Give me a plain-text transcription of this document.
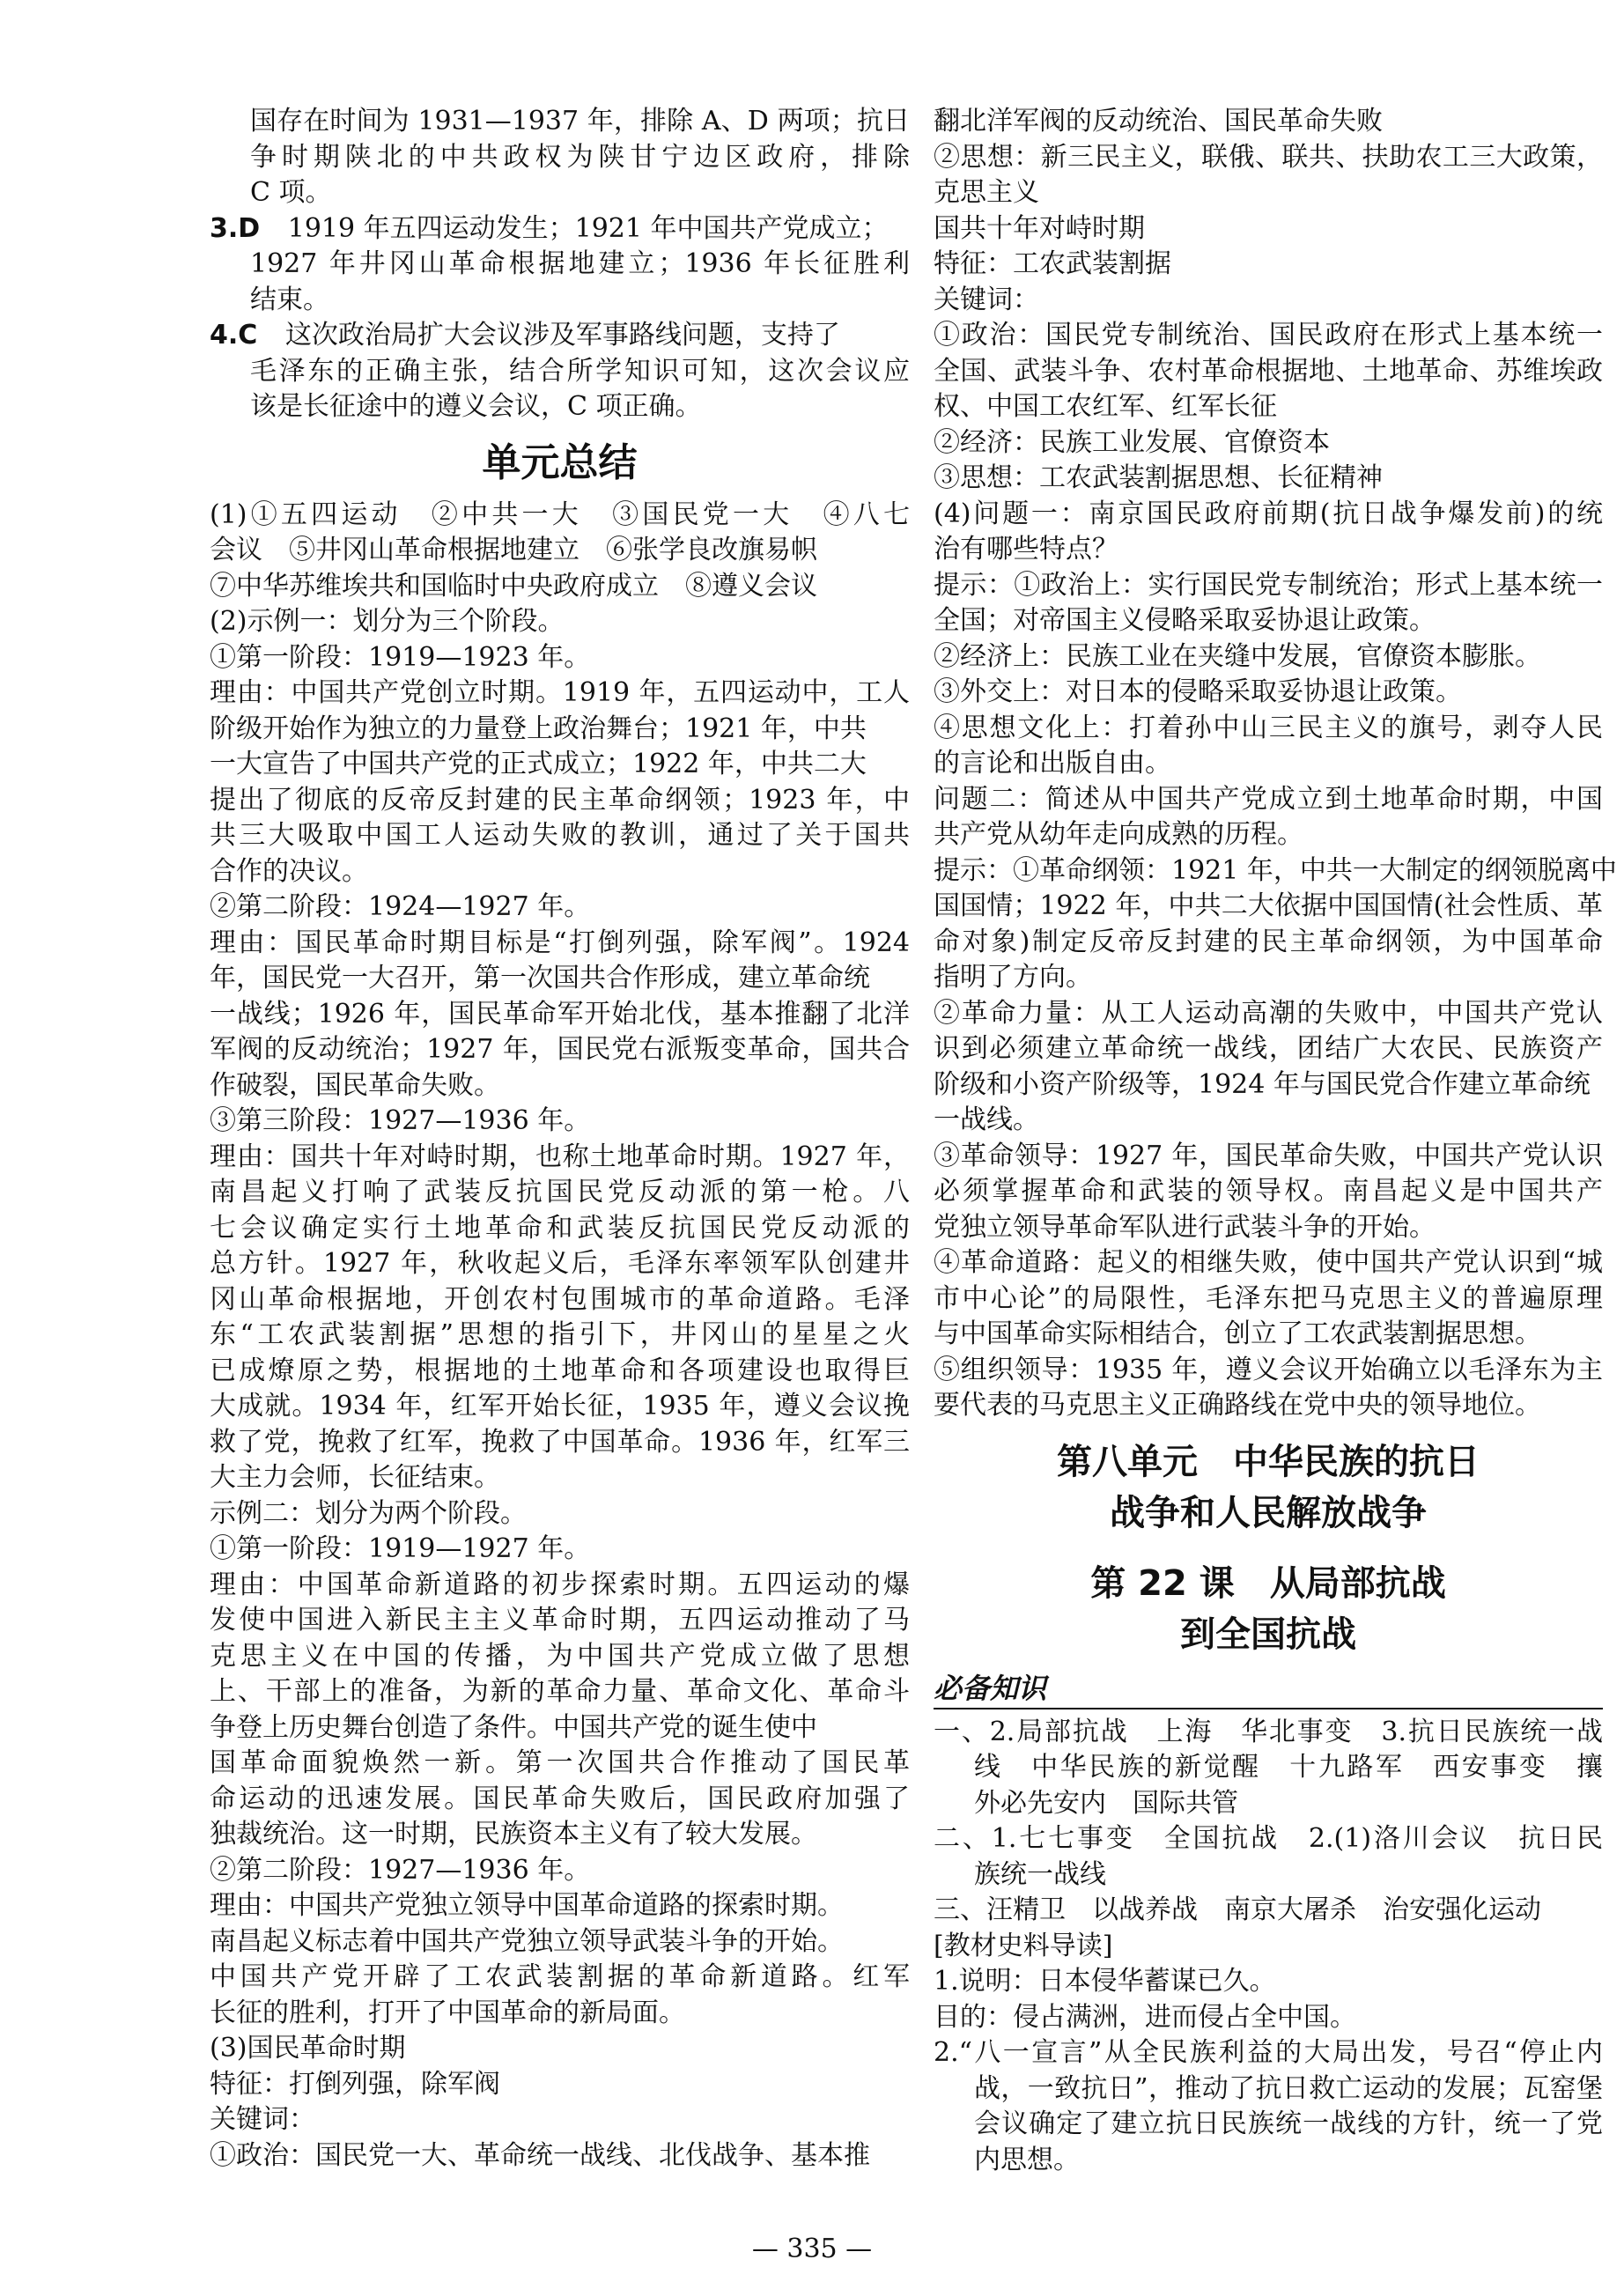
国存在时间为 1931—1937 年，排除 A、D 两项；抗日
争时期陕北的中共政权为陕甘宁边区政府，排除
C 项。
3.D 1919 年五四运动发生；1921 年中国共产党成立；
1927 年井冈山革命根据地建立；1936 年长征胜利
结束。
4.C 这次政治局扩大会议涉及军事路线问题，支持了
毛泽东的正确主张，结合所学知识可知，这次会议应
该是长征途中的遵义会议，C 项正确。
单元总结
(1)①五四运动　②中共一大　③国民党一大　④八七
会议　⑤井冈山革命根据地建立　⑥张学良改旗易帜
⑦中华苏维埃共和国临时中央政府成立　⑧遵义会议
(2)示例一：划分为三个阶段。
①第一阶段：1919—1923 年。
理由：中国共产党创立时期。1919 年，五四运动中，工人
阶级开始作为独立的力量登上政治舞台；1921 年，中共
一大宣告了中国共产党的正式成立；1922 年，中共二大
提出了彻底的反帝反封建的民主革命纲领；1923 年，中
共三大吸取中国工人运动失败的教训，通过了关于国共
合作的决议。
②第二阶段：1924—1927 年。
理由：国民革命时期目标是“打倒列强，除军阀”。1924
年，国民党一大召开，第一次国共合作形成，建立革命统
一战线；1926 年，国民革命军开始北伐，基本推翻了北洋
军阀的反动统治；1927 年，国民党右派叛变革命，国共合
作破裂，国民革命失败。
③第三阶段：1927—1936 年。
理由：国共十年对峙时期，也称土地革命时期。1927 年，
南昌起义打响了武装反抗国民党反动派的第一枪。八
七会议确定实行土地革命和武装反抗国民党反动派的
总方针。1927 年，秋收起义后，毛泽东率领军队创建井
冈山革命根据地，开创农村包围城市的革命道路。毛泽
东“工农武装割据”思想的指引下，井冈山的星星之火
已成燎原之势，根据地的土地革命和各项建设也取得巨
大成就。1934 年，红军开始长征，1935 年，遵义会议挽
救了党，挽救了红军，挽救了中国革命。1936 年，红军三
大主力会师，长征结束。
示例二：划分为两个阶段。
①第一阶段：1919—1927 年。
理由：中国革命新道路的初步探索时期。五四运动的爆
发使中国进入新民主主义革命时期，五四运动推动了马
克思主义在中国的传播，为中国共产党成立做了思想
上、干部上的准备，为新的革命力量、革命文化、革命斗
争登上历史舞台创造了条件。中国共产党的诞生使中
国革命面貌焕然一新。第一次国共合作推动了国民革
命运动的迅速发展。国民革命失败后，国民政府加强了
独裁统治。这一时期，民族资本主义有了较大发展。
②第二阶段：1927—1936 年。
理由：中国共产党独立领导中国革命道路的探索时期。
南昌起义标志着中国共产党独立领导武装斗争的开始。
中国共产党开辟了工农武装割据的革命新道路。红军
长征的胜利，打开了中国革命的新局面。
(3)国民革命时期
特征：打倒列强，除军阀
关键词：
①政治：国民党一大、革命统一战线、北伐战争、基本推
翻北洋军阀的反动统治、国民革命失败
②思想：新三民主义，联俄、联共、扶助农工三大政策，
克思主义
国共十年对峙时期
特征：工农武装割据
关键词：
①政治：国民党专制统治、国民政府在形式上基本统一
全国、武装斗争、农村革命根据地、土地革命、苏维埃政
权、中国工农红军、红军长征
②经济：民族工业发展、官僚资本
③思想：工农武装割据思想、长征精神
(4)问题一：南京国民政府前期(抗日战争爆发前)的统
治有哪些特点？
提示：①政治上：实行国民党专制统治；形式上基本统一
全国；对帝国主义侵略采取妥协退让政策。
②经济上：民族工业在夹缝中发展，官僚资本膨胀。
③外交上：对日本的侵略采取妥协退让政策。
④思想文化上：打着孙中山三民主义的旗号，剥夺人民
的言论和出版自由。
问题二：简述从中国共产党成立到土地革命时期，中国
共产党从幼年走向成熟的历程。
提示：①革命纲领：1921 年，中共一大制定的纲领脱离中
国国情；1922 年，中共二大依据中国国情(社会性质、革
命对象)制定反帝反封建的民主革命纲领，为中国革命
指明了方向。
②革命力量：从工人运动高潮的失败中，中国共产党认
识到必须建立革命统一战线，团结广大农民、民族资产
阶级和小资产阶级等，1924 年与国民党合作建立革命统
一战线。
③革命领导：1927 年，国民革命失败，中国共产党认识
必须掌握革命和武装的领导权。南昌起义是中国共产
党独立领导革命军队进行武装斗争的开始。
④革命道路：起义的相继失败，使中国共产党认识到“城
市中心论”的局限性，毛泽东把马克思主义的普遍原理
与中国革命实际相结合，创立了工农武装割据思想。
⑤组织领导：1935 年，遵义会议开始确立以毛泽东为主
要代表的马克思主义正确路线在党中央的领导地位。
第八单元　中华民族的抗日
战争和人民解放战争
第 22 课　从局部抗战
到全国抗战
必备知识
一、2.局部抗战　上海　华北事变　3.抗日民族统一战
线　中华民族的新觉醒　十九路军　西安事变　攘
外必先安内　国际共管
二、1.七七事变　全国抗战　2.(1)洛川会议　抗日民
族统一战线
三、汪精卫　以战养战　南京大屠杀　治安强化运动
[教材史料导读]
1.说明：日本侵华蓄谋已久。
目的：侵占满洲，进而侵占全中国。
2.“八一宣言”从全民族利益的大局出发，号召“停止内
战，一致抗日”，推动了抗日救亡运动的发展；瓦窑堡
会议确定了建立抗日民族统一战线的方针，统一了党
内思想。
— 335 —
